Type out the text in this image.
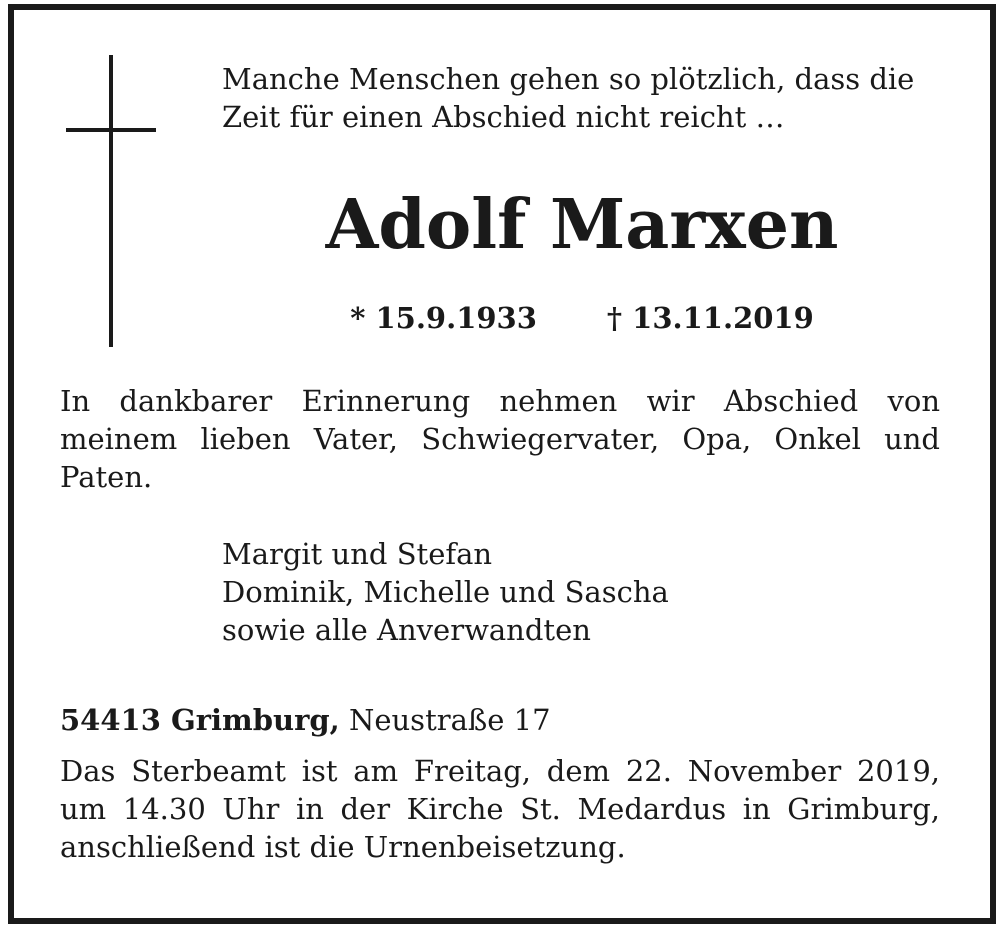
Manche Menschen gehen so plötzlich, dass die
Zeit für einen Abschied nicht reicht …
Adolf Marxen
* 15.9.1933 † 13.11.2019
In dankbarer Erinnerung nehmen wir Abschied von meinem lieben Vater, Schwiegervater, Opa, Onkel und Paten.
Margit und Stefan
Dominik, Michelle und Sascha
sowie alle Anverwandten
54413 Grimburg, Neustraße 17
Das Sterbeamt ist am Freitag, dem 22. November 2019, um 14.30 Uhr in der Kirche St. Medardus in Grimburg, anschließend ist die Urnenbeisetzung.
